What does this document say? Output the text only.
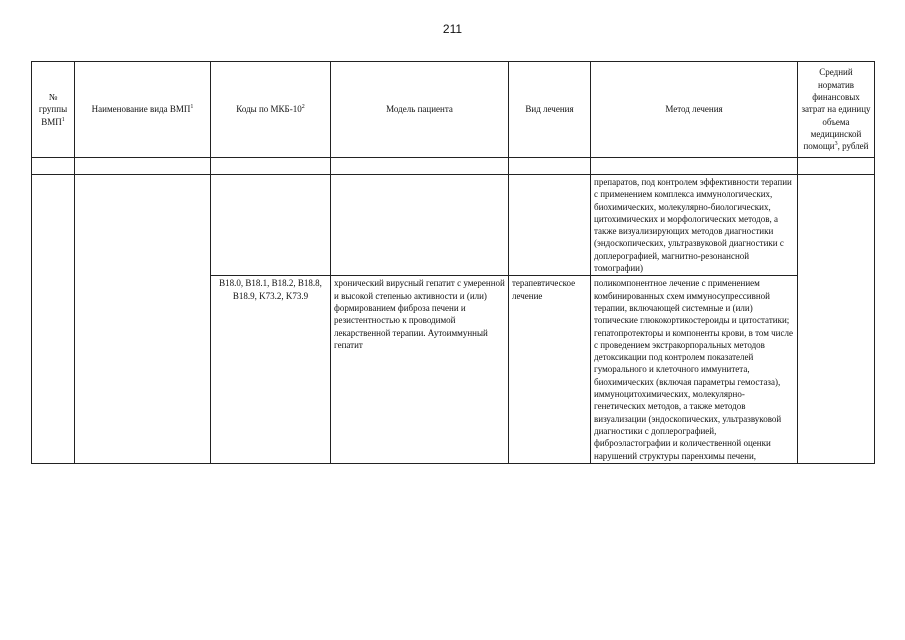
211
№ группы ВМП$^1$	Наименование вида ВМП$^1$	Коды по МКБ-$10^2$	Модель пациента	Вид лечения	Метод лечения	Средний норматив финансовых затрат на единицу объема медицинской помощи$^3$, рублей

					препаратов, под контролем эффективности терапии с применением комплекса иммунологических, биохимических, молекулярно-биологических, цитохимических и морфологических методов, а также визуализирующих методов диагностики (эндоскопических, ультразвуковой диагностики с доплерографией, магнитно-резонансной томографии)	
		B18.0, B18.1, B18.2, B18.8, B18.9, K73.2, K73.9	хронический вирусный гепатит с умеренной и высокой степенью активности и (или) формированием фиброза печени и резистентностью к проводимой лекарственной терапии. Аутоиммунный гепатит	терапевтическое лечение	поликомпонентное лечение с применением комбинированных схем иммуносупрессивной терапии, включающей системные и (или) топические глюкокортикостероиды и цитостатики; гепатопротекторы и компоненты крови, в том числе с проведением экстракорпоральных методов детоксикации под контролем показателей гуморального и клеточного иммунитета, биохимических (включая параметры гемостаза), иммуноцитохимических, молекулярно-генетических методов, а также методов визуализации (эндоскопических, ультразвуковой диагностики с доплерографией, фиброэластографии и количественной оценки нарушений структуры паренхимы печени,	
